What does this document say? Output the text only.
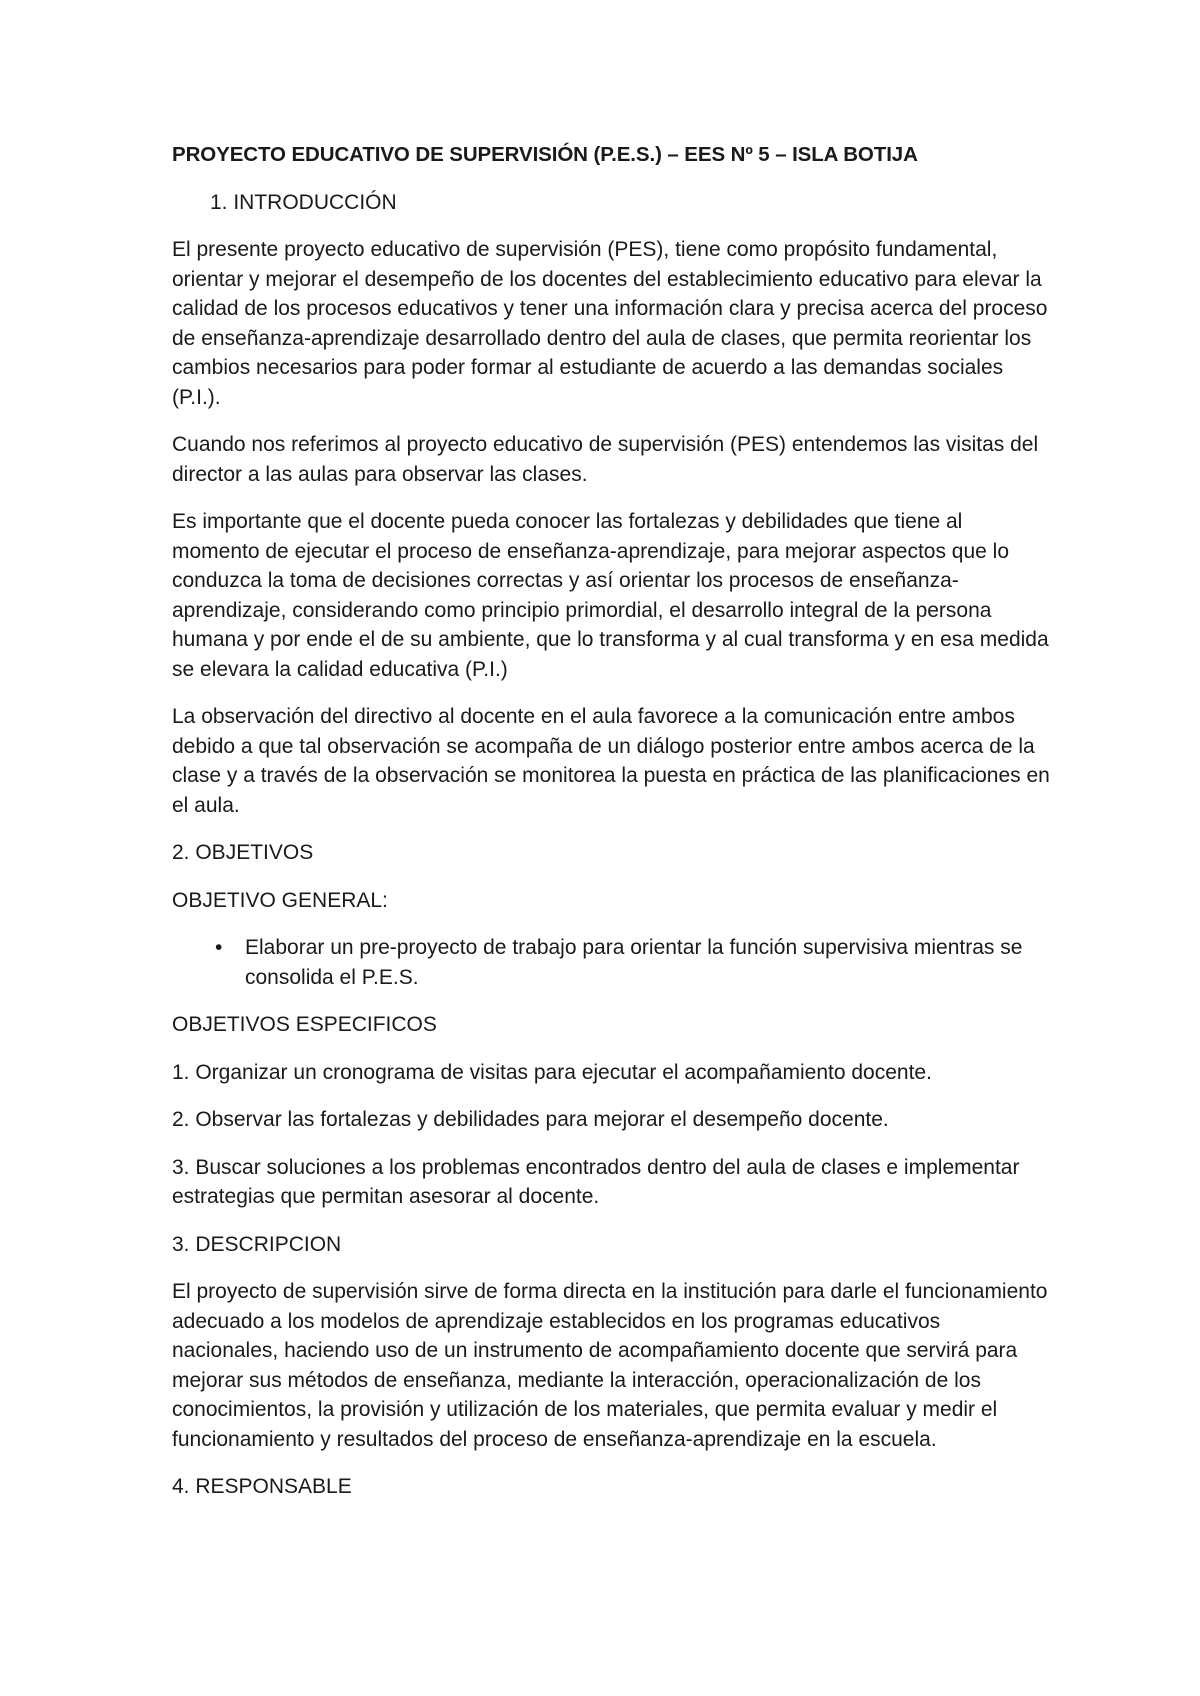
PROYECTO EDUCATIVO DE SUPERVISIÓN (P.E.S.) – EES Nº 5 – ISLA BOTIJA
1. INTRODUCCIÓN

El presente proyecto educativo de supervisión (PES), tiene como propósito fundamental, orientar y mejorar el desempeño de los docentes del establecimiento educativo para elevar la calidad de los procesos educativos y tener una información clara y precisa acerca del proceso de enseñanza-aprendizaje desarrollado dentro del aula de clases, que permita reorientar los cambios necesarios para poder formar al estudiante de acuerdo a las demandas sociales (P.I.).

Cuando nos referimos al proyecto educativo de supervisión (PES) entendemos las visitas del director a las aulas para observar las clases.

Es importante que el docente pueda conocer las fortalezas y debilidades que tiene al momento de ejecutar el proceso de enseñanza-aprendizaje, para mejorar aspectos que lo conduzca la toma de decisiones correctas y así orientar los procesos de enseñanza-aprendizaje, considerando como principio primordial, el desarrollo integral de la persona humana y por ende el de su ambiente, que lo transforma y al cual transforma y en esa medida se elevara la calidad educativa (P.I.)

La observación del directivo al docente en el aula favorece a la comunicación entre ambos debido a que tal observación se acompaña de un diálogo posterior entre ambos acerca de la clase y a través de la observación se monitorea la puesta en práctica de las planificaciones en el aula.

2. OBJETIVOS
OBJETIVO GENERAL:
• Elaborar un pre-proyecto de trabajo para orientar la función supervisiva mientras se consolida el P.E.S.
OBJETIVOS ESPECIFICOS

1. Organizar un cronograma de visitas para ejecutar el acompañamiento docente.

2. Observar las fortalezas y debilidades para mejorar el desempeño docente.

3. Buscar soluciones a los problemas encontrados dentro del aula de clases e implementar estrategias que permitan asesorar al docente.

3. DESCRIPCION

El proyecto de supervisión sirve de forma directa en la institución para darle el funcionamiento adecuado a los modelos de aprendizaje establecidos en los programas educativos nacionales, haciendo uso de un instrumento de acompañamiento docente que servirá para mejorar sus métodos de enseñanza, mediante la interacción, operacionalización de los conocimientos, la provisión y utilización de los materiales, que permita evaluar y medir el funcionamiento y resultados del proceso de enseñanza-aprendizaje en la escuela.

4. RESPONSABLE
